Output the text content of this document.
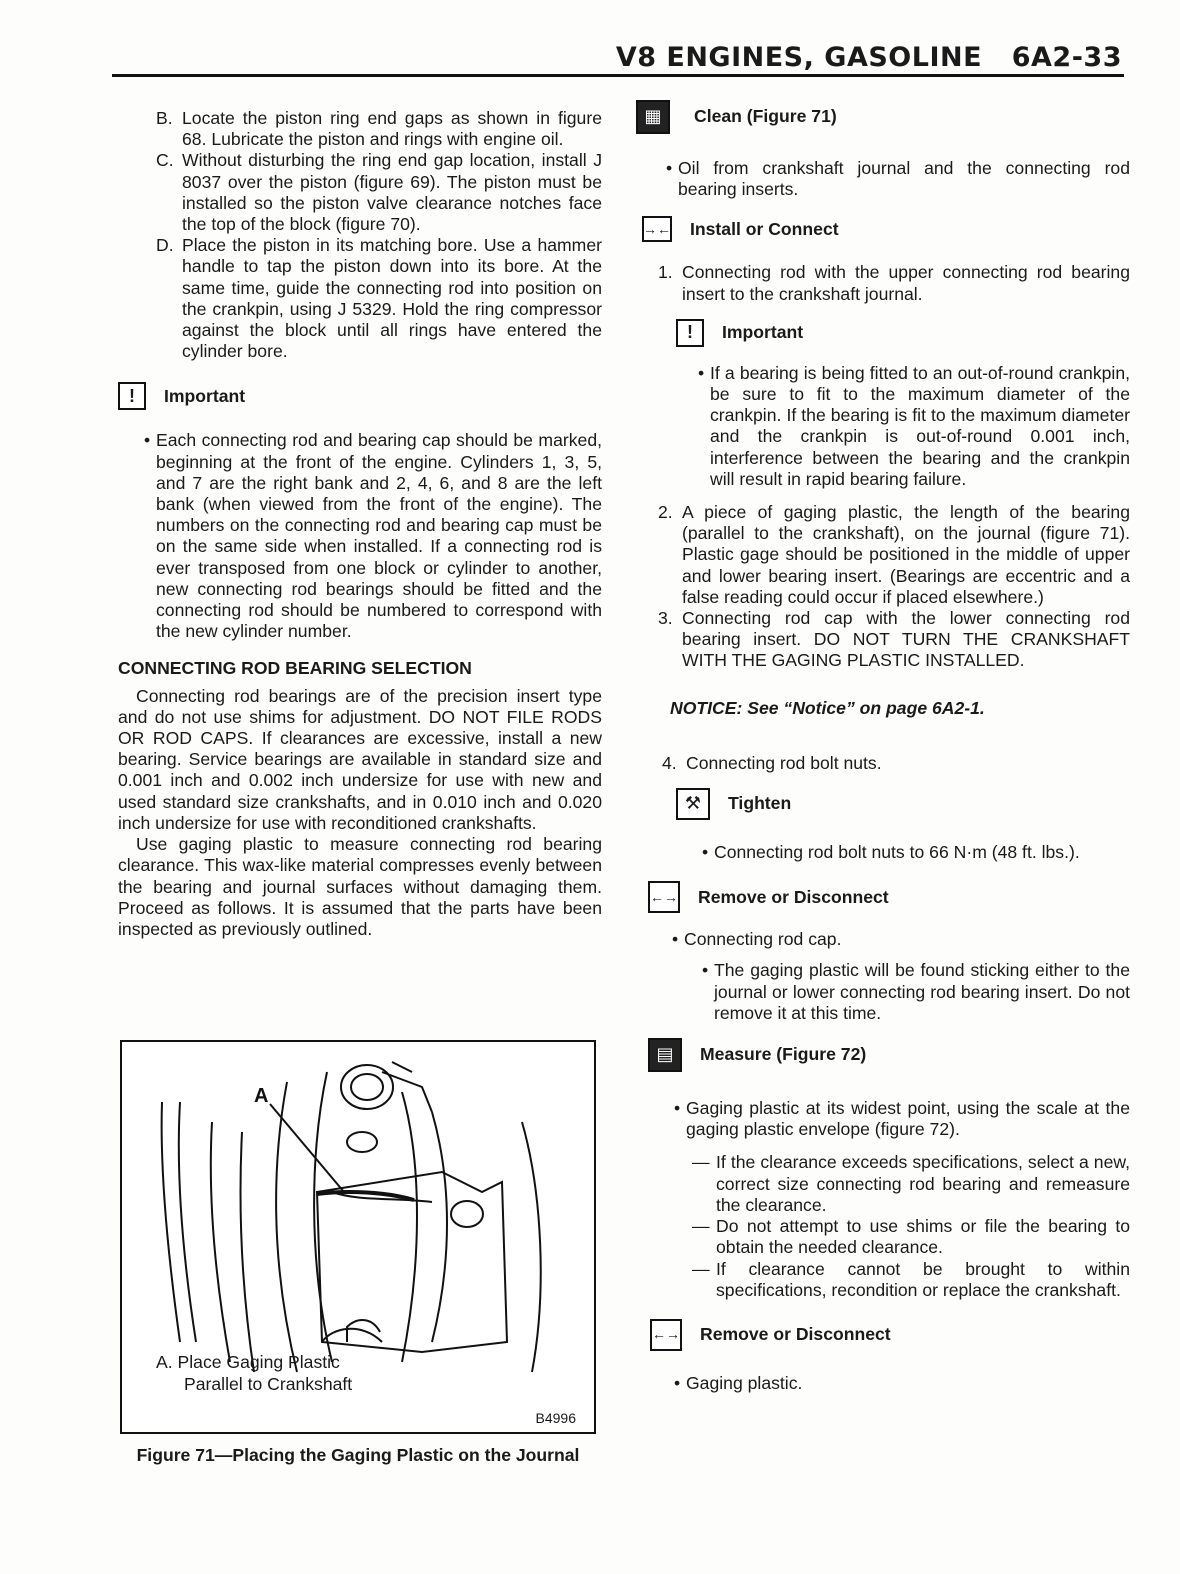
V8 ENGINES, GASOLINE 6A2-33
B. Locate the piston ring end gaps as shown in figure 68. Lubricate the piston and rings with engine oil.
C. Without disturbing the ring end gap location, install J 8037 over the piston (figure 69). The piston must be installed so the piston valve clearance notches face the top of the block (figure 70).
D. Place the piston in its matching bore. Use a hammer handle to tap the piston down into its bore. At the same time, guide the connecting rod into position on the crankpin, using J 5329. Hold the ring compressor against the block until all rings have entered the cylinder bore.
!	Important
• Each connecting rod and bearing cap should be marked, beginning at the front of the engine. Cylinders 1, 3, 5, and 7 are the right bank and 2, 4, 6, and 8 are the left bank (when viewed from the front of the engine). The numbers on the connecting rod and bearing cap must be on the same side when installed. If a connecting rod is ever transposed from one block or cylinder to another, new connecting rod bearings should be fitted and the connecting rod should be numbered to correspond with the new cylinder number.
CONNECTING ROD BEARING SELECTION

Connecting rod bearings are of the precision insert type and do not use shims for adjustment. DO NOT FILE RODS OR ROD CAPS. If clearances are excessive, install a new bearing. Service bearings are available in standard size and 0.001 inch and 0.002 inch undersize for use with new and used standard size crankshafts, and in 0.010 inch and 0.020 inch undersize for use with reconditioned crankshafts.

Use gaging plastic to measure connecting rod bearing clearance. This wax-like material compresses evenly between the bearing and journal surfaces without damaging them. Proceed as follows. It is assumed that the parts have been inspected as previously outlined.

A
A. Place Gaging Plastic
Parallel to Crankshaft
B4996
Figure 71—Placing the Gaging Plastic on the Journal
▦	Clean (Figure 71)
• Oil from crankshaft journal and the connecting rod bearing inserts.
→← Install or Connect
1. Connecting rod with the upper connecting rod bearing insert to the crankshaft journal.
!	Important
• If a bearing is being fitted to an out-of-round crankpin, be sure to fit to the maximum diameter of the crankpin. If the bearing is fit to the maximum diameter and the crankpin is out-of-round 0.001 inch, interference between the bearing and the crankpin will result in rapid bearing failure.
2. A piece of gaging plastic, the length of the bearing (parallel to the crankshaft), on the journal (figure 71). Plastic gage should be positioned in the middle of upper and lower bearing insert. (Bearings are eccentric and a false reading could occur if placed elsewhere.)
3. Connecting rod cap with the lower connecting rod bearing insert. DO NOT TURN THE CRANKSHAFT WITH THE GAGING PLASTIC INSTALLED.

NOTICE: See “Notice” on page 6A2-1.

4. Connecting rod bolt nuts.
⚒	Tighten
• Connecting rod bolt nuts to 66 N·m (48 ft. lbs.).
←→ Remove or Disconnect
• Connecting rod cap.
• The gaging plastic will be found sticking either to the journal or lower connecting rod bearing insert. Do not remove it at this time.
▤	Measure (Figure 72)
• Gaging plastic at its widest point, using the scale at the gaging plastic envelope (figure 72).
— If the clearance exceeds specifications, select a new, correct size connecting rod bearing and remeasure the clearance.
— Do not attempt to use shims or file the bearing to obtain the needed clearance.
— If clearance cannot be brought to within specifications, recondition or replace the crankshaft.
←→ Remove or Disconnect
• Gaging plastic.
